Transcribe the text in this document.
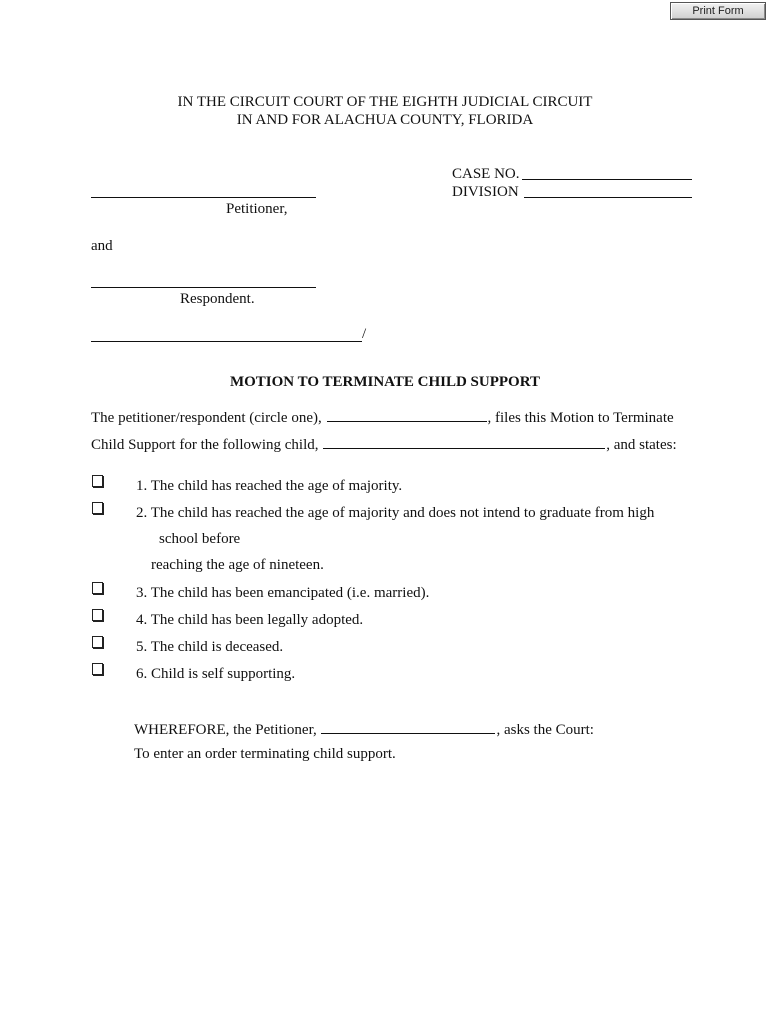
Print Form
IN THE CIRCUIT COURT OF THE EIGHTH JUDICIAL CIRCUIT
IN AND FOR ALACHUA COUNTY, FLORIDA
CASE NO.
DIVISION
Petitioner,
and
Respondent.
/
MOTION TO TERMINATE CHILD SUPPORT
The petitioner/respondent (circle one),	, files this Motion to Terminate
Child Support for the following child,	, and states:
1. The child has reached the age of majority.
2. The child has reached the age of majority and does not intend to graduate from high
school before
reaching the age of nineteen.
3. The child has been emancipated (i.e. married).
4. The child has been legally adopted.
5. The child is deceased.
6. Child is self supporting.
WHEREFORE, the Petitioner,	, asks the Court:
To enter an order terminating child support.
